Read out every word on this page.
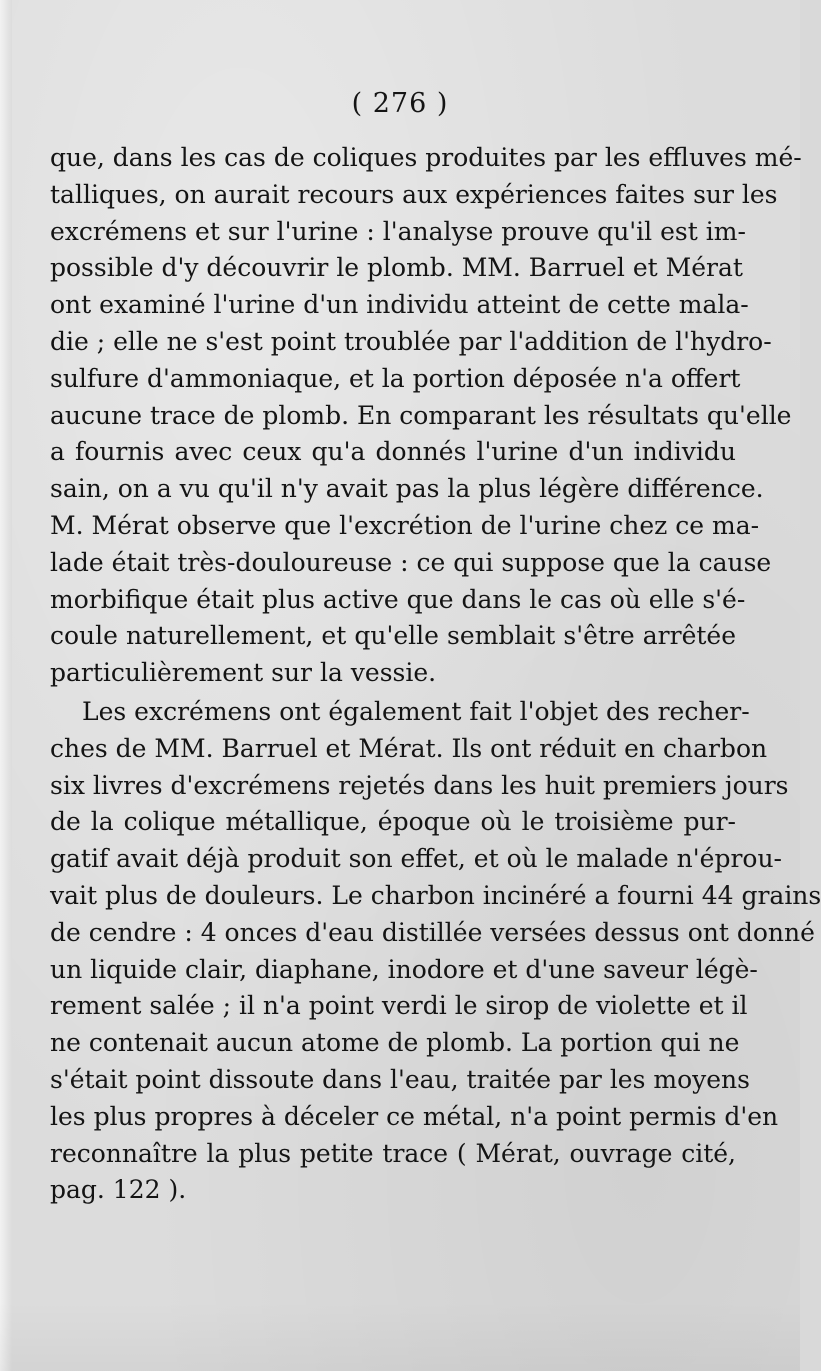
( 276 )
que, dans les cas de coliques produites par les effluves mé-
talliques, on aurait recours aux expériences faites sur les
excrémens et sur l'urine : l'analyse prouve qu'il est im-
possible d'y découvrir le plomb. MM. Barruel et Mérat
ont examiné l'urine d'un individu atteint de cette mala-
die ; elle ne s'est point troublée par l'addition de l'hydro-
sulfure d'ammoniaque, et la portion déposée n'a offert
aucune trace de plomb. En comparant les résultats qu'elle
a fournis avec ceux qu'a donnés l'urine d'un individu
sain, on a vu qu'il n'y avait pas la plus légère différence.
M. Mérat observe que l'excrétion de l'urine chez ce ma-
lade était très-douloureuse : ce qui suppose que la cause
morbifique était plus active que dans le cas où elle s'é-
coule naturellement, et qu'elle semblait s'être arrêtée
particulièrement sur la vessie.
Les excrémens ont également fait l'objet des recher-
ches de MM. Barruel et Mérat. Ils ont réduit en charbon
six livres d'excrémens rejetés dans les huit premiers jours
de la colique métallique, époque où le troisième pur-
gatif avait déjà produit son effet, et où le malade n'éprou-
vait plus de douleurs. Le charbon incinéré a fourni 44 grains
de cendre : 4 onces d'eau distillée versées dessus ont donné
un liquide clair, diaphane, inodore et d'une saveur légè-
rement salée ; il n'a point verdi le sirop de violette et il
ne contenait aucun atome de plomb. La portion qui ne
s'était point dissoute dans l'eau, traitée par les moyens
les plus propres à déceler ce métal, n'a point permis d'en
reconnaître la plus petite trace ( Mérat, ouvrage cité,
pag. 122 ).
